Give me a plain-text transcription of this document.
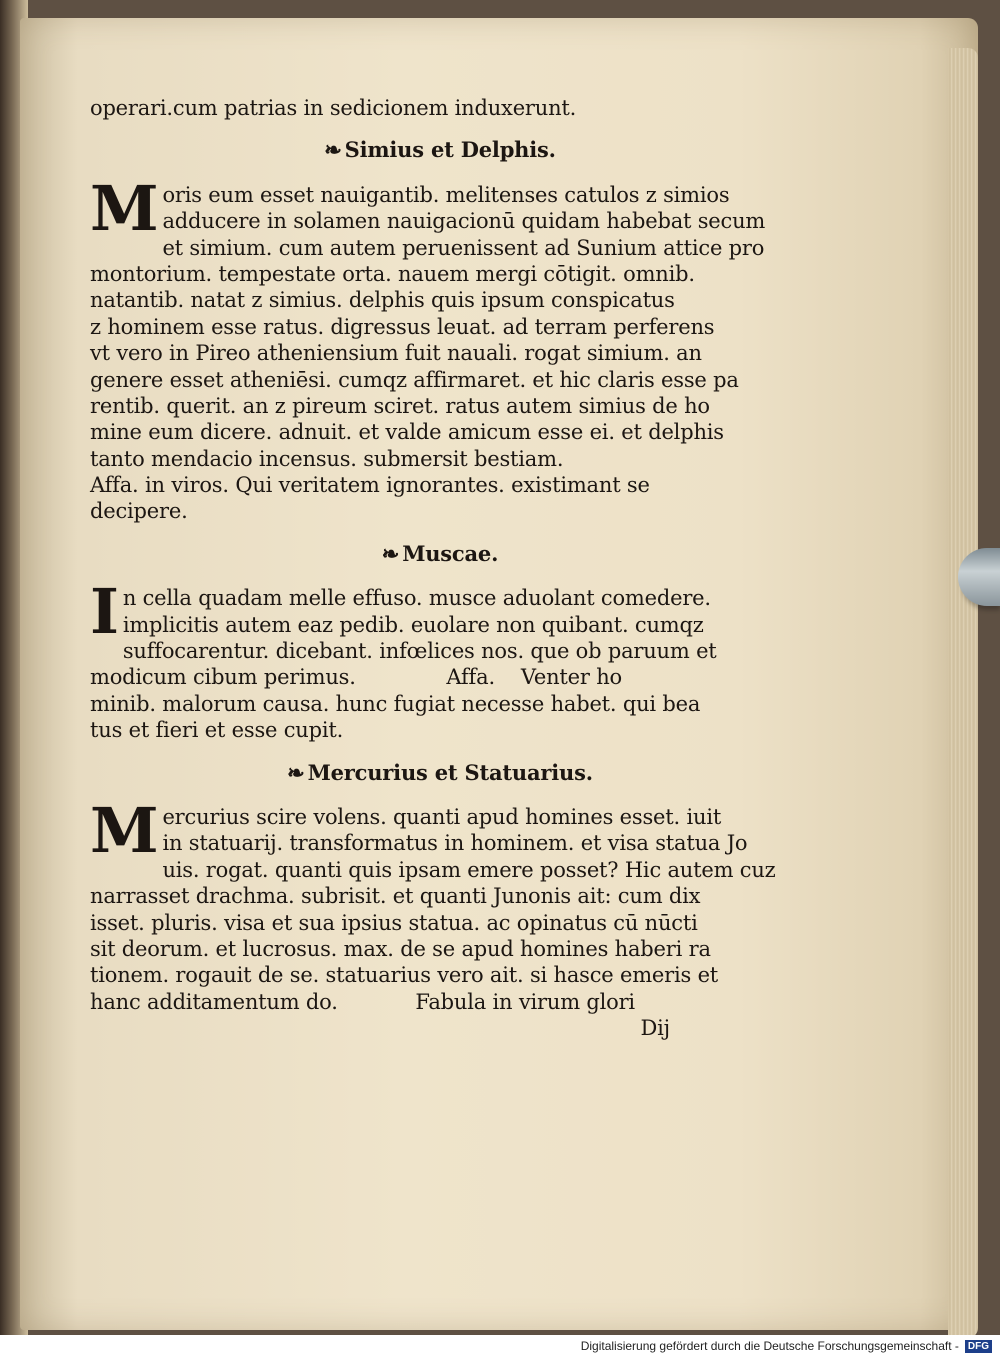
operari.cum patrias in sedicionem induxerunt.
❧ Simius et Delphis.
Moris eum esset nauigantib. melitenses catulos z simios
adducere in solamen nauigacionū quidam habebat secum
et simium. cum autem peruenissent ad Sunium attice pro
montorium. tempestate orta. nauem mergi cōtigit. omnib.
natantib. natat z simius. delphis quis ipsum conspicatus
z hominem esse ratus. digressus leuat. ad terram perferens
vt vero in Pireo atheniensium fuit nauali. rogat simium. an
genere esset atheniēsi. cumqz affirmaret. et hic claris esse pa
rentib. querit. an z pireum sciret. ratus autem simius de ho
mine eum dicere. adnuit. et valde amicum esse ei. et delphis
tanto mendacio incensus. submersit bestiam.
Affa. in viros. Qui veritatem ignorantes. existimant se
decipere.
❧ Muscae.
In cella quadam melle effuso. musce aduolant comedere.
implicitis autem eaz pedib. euolare non quibant. cumqz
suffocarentur. dicebant. infœlices nos. que ob paruum et
modicum cibum perimus.              Affa.    Venter ho
minib. malorum causa. hunc fugiat necesse habet. qui bea
tus et fieri et esse cupit.
❧ Mercurius et Statuarius.
Mercurius scire volens. quanti apud homines esset. iuit
in statuarij. transformatus in hominem. et visa statua Jo
uis. rogat. quanti quis ipsam emere posset? Hic autem cuz
narrasset drachma. subrisit. et quanti Junonis ait: cum dix
isset. pluris. visa et sua ipsius statua. ac opinatus cū nūcti
sit deorum. et lucrosus. max. de se apud homines haberi ra
tionem. rogauit de se. statuarius vero ait. si hasce emeris et
hanc additamentum do.            Fabula in virum glori
Dij
Digitalisierung gefördert durch die Deutsche Forschungsgemeinschaft - DFG
